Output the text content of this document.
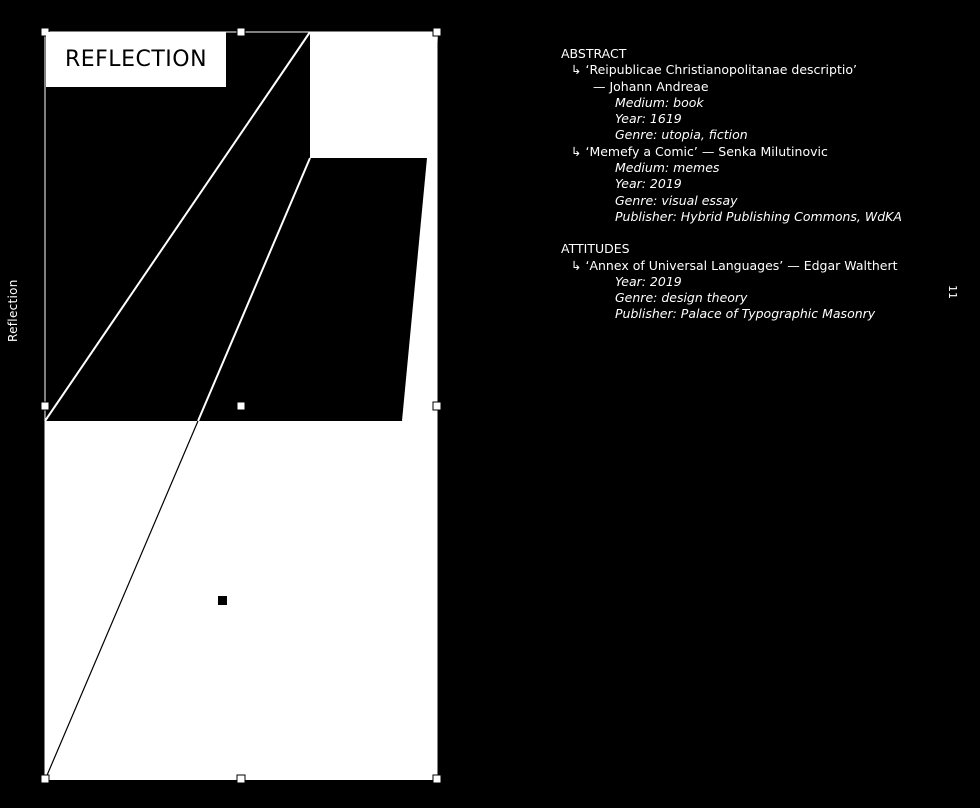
Reflection	11
REFLECTION	ABSTRACT
↳ ‘Reipublicae Christianopolitanae descriptio’
— Johann Andreae
Medium: book
Year: 1619
Genre: utopia, fiction
↳ ‘Memefy a Comic’ — Senka Milutinovic
Medium: memes
Year: 2019
Genre: visual essay
Publisher: Hybrid Publishing Commons, WdKA
ATTITUDES
↳ ‘Annex of Universal Languages’ — Edgar Walthert
Year: 2019
Genre: design theory
Publisher: Palace of Typographic Masonry
